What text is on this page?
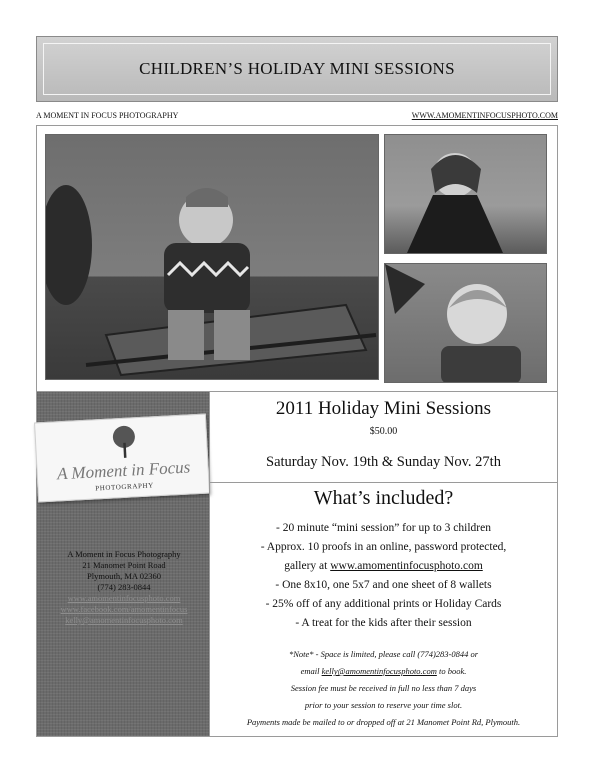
CHILDREN’S HOLIDAY MINI SESSIONS
A MOMENT IN FOCUS PHOTOGRAPHY	WWW.AMOMENTINFOCUSPHOTO.COM
A Moment in Focus
PHOTOGRAPHY
A Moment in Focus Photography
21 Manomet Point Road
Plymouth, MA 02360
(774) 283-0844
www.amomentinfocusphoto.com
www.facebook.com/amomentinfocus
kelly@amomentinfocusphoto.com
2011 Holiday Mini Sessions
$50.00
Saturday Nov. 19th & Sunday Nov. 27th
What’s included?
- 20 minute “mini session” for up to 3 children
- Approx. 10 proofs in an online, password protected,
gallery at www.amomentinfocusphoto.com
- One 8x10, one 5x7 and one sheet of 8 wallets
- 25% off of any additional prints or Holiday Cards
- A treat for the kids after their session
*Note* - Space is limited, please call (774)283-0844 or
email kelly@amomentinfocusphoto.com to book.
Session fee must be received in full no less than 7 days
prior to your session to reserve your time slot.
Payments made be mailed to or dropped off at 21 Manomet Point Rd, Plymouth.
